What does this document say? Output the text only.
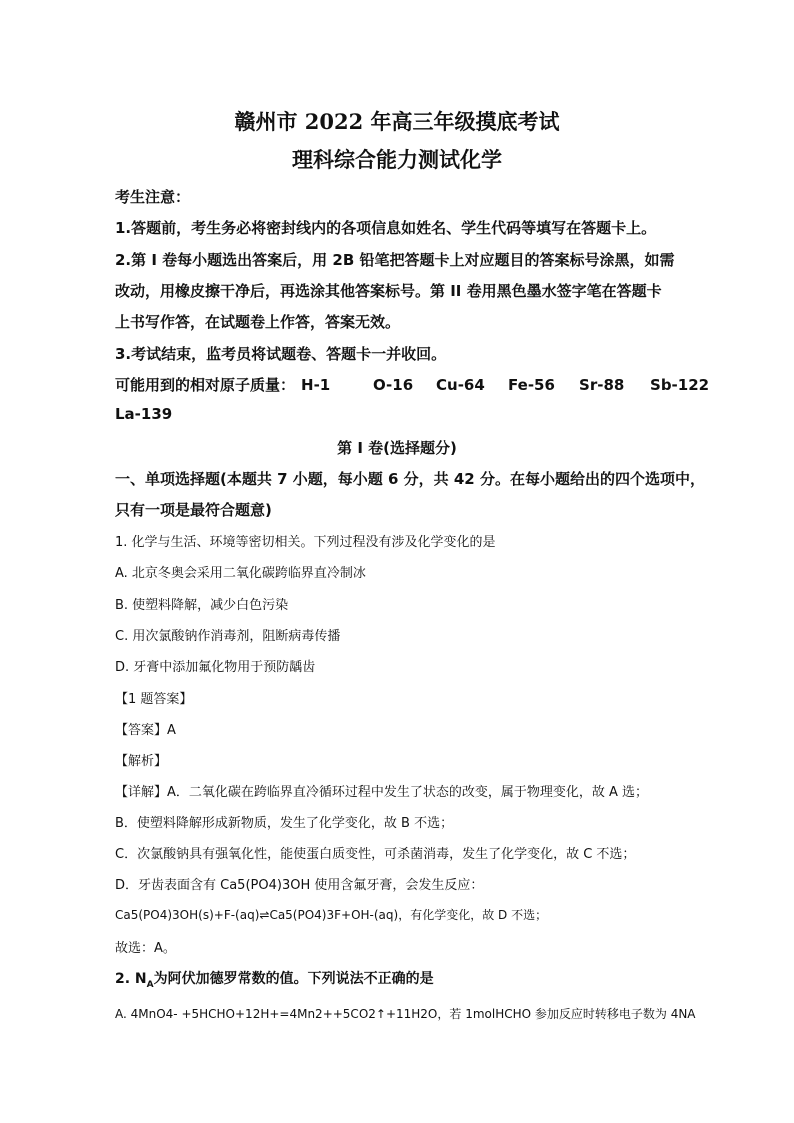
赣州市 2022 年高三年级摸底考试
理科综合能力测试化学
考生注意：
1.答题前，考生务必将密封线内的各项信息如姓名、学生代码等填写在答题卡上。
2.第 I 卷每小题选出答案后，用 2B 铅笔把答题卡上对应题目的答案标号涂黑，如需
改动，用橡皮擦干净后，再选涂其他答案标号。第 II 卷用黑色墨水签字笔在答题卡
上书写作答，在试题卷上作答，答案无效。
3.考试结束，监考员将试题卷、答题卡一并收回。
可能用到的相对原子质量： H-1	O-16 Cu-64 Fe-56 Sr-88 Sb-122
La-139
第 I 卷(选择题分)
一、单项选择题(本题共 7 小题，每小题 6 分，共 42 分。在每小题给出的四个选项中，
只有一项是最符合题意)
1. 化学与生活、环境等密切相关。下列过程没有涉及化学变化的是
A. 北京冬奥会采用二氧化碳跨临界直冷制冰
B. 使塑料降解，减少白色污染
C. 用次氯酸钠作消毒剂，阻断病毒传播
D. 牙膏中添加氟化物用于预防龋齿
【1 题答案】
【答案】A
【解析】
【详解】A．二氧化碳在跨临界直冷循环过程中发生了状态的改变，属于物理变化，故 A 选；
B．使塑料降解形成新物质，发生了化学变化，故 B 不选；
C．次氯酸钠具有强氧化性，能使蛋白质变性，可杀菌消毒，发生了化学变化，故 C 不选；
D．牙齿表面含有 Ca5(PO4)3OH 使用含氟牙膏，会发生反应：
Ca5(PO4)3OH(s)+F-(aq)⇌Ca5(PO4)3F+OH-(aq)，有化学变化，故 D 不选；
故选：A。
2. $N_A$为阿伏加德罗常数的值。下列说法不正确的是
A. 4MnO4- +5HCHO+12H+=4Mn2++5CO2↑+11H2O，若 1molHCHO 参加反应时转移电子数为 4NA
